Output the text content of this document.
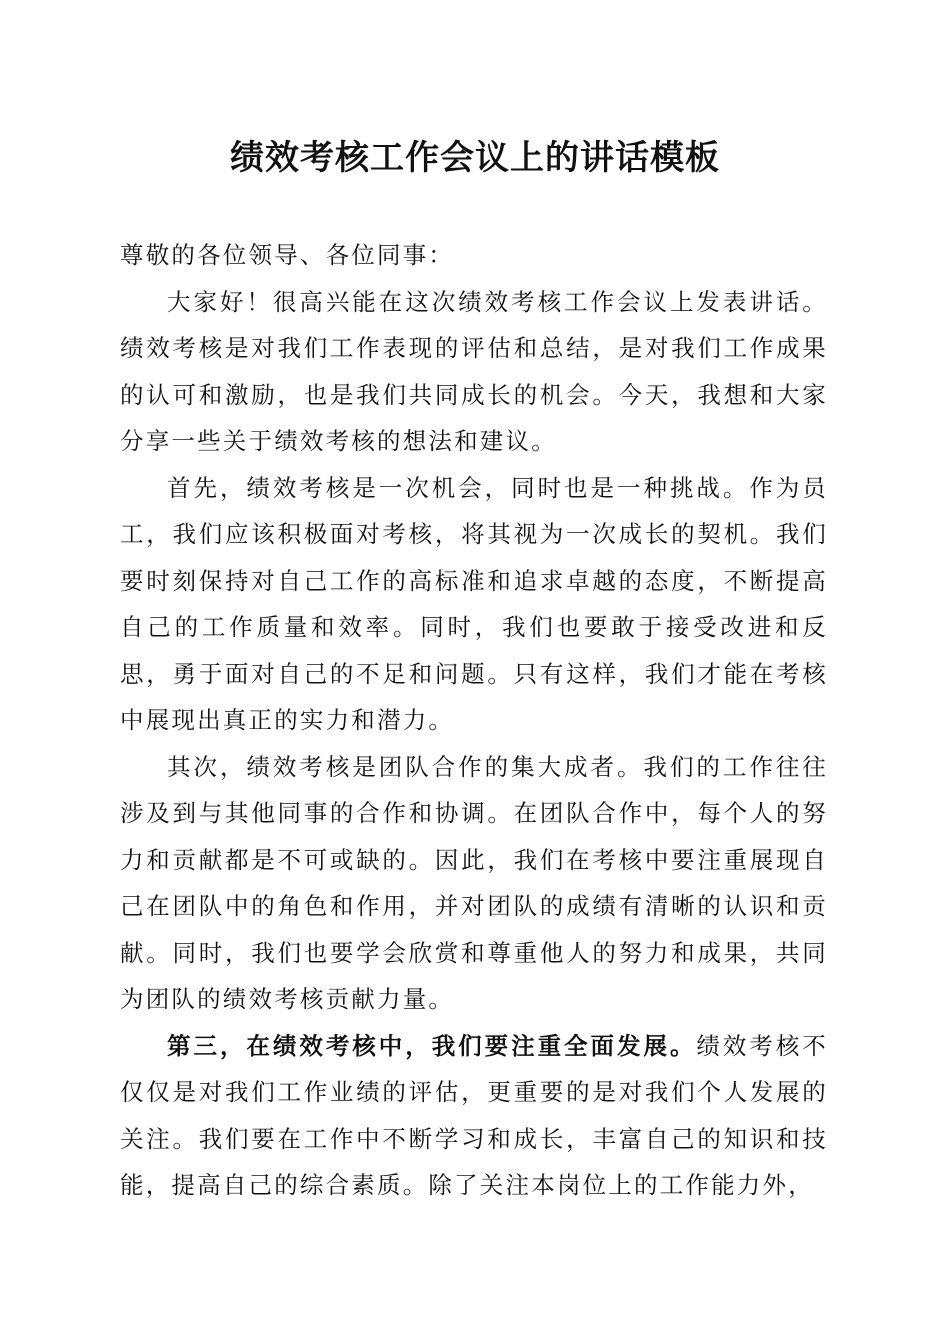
绩效考核工作会议上的讲话模板

尊敬的各位领导、各位同事：

大家好！很高兴能在这次绩效考核工作会议上发表讲话。绩效考核是对我们工作表现的评估和总结，是对我们工作成果的认可和激励，也是我们共同成长的机会。今天，我想和大家分享一些关于绩效考核的想法和建议。

首先，绩效考核是一次机会，同时也是一种挑战。作为员工，我们应该积极面对考核，将其视为一次成长的契机。我们要时刻保持对自己工作的高标准和追求卓越的态度，不断提高自己的工作质量和效率。同时，我们也要敢于接受改进和反思，勇于面对自己的不足和问题。只有这样，我们才能在考核中展现出真正的实力和潜力。

其次，绩效考核是团队合作的集大成者。我们的工作往往涉及到与其他同事的合作和协调。在团队合作中，每个人的努力和贡献都是不可或缺的。因此，我们在考核中要注重展现自己在团队中的角色和作用，并对团队的成绩有清晰的认识和贡献。同时，我们也要学会欣赏和尊重他人的努力和成果，共同为团队的绩效考核贡献力量。

第三，在绩效考核中，我们要注重全面发展。绩效考核不仅仅是对我们工作业绩的评估，更重要的是对我们个人发展的关注。我们要在工作中不断学习和成长，丰富自己的知识和技能，提高自己的综合素质。除了关注本岗位上的工作能力外，
